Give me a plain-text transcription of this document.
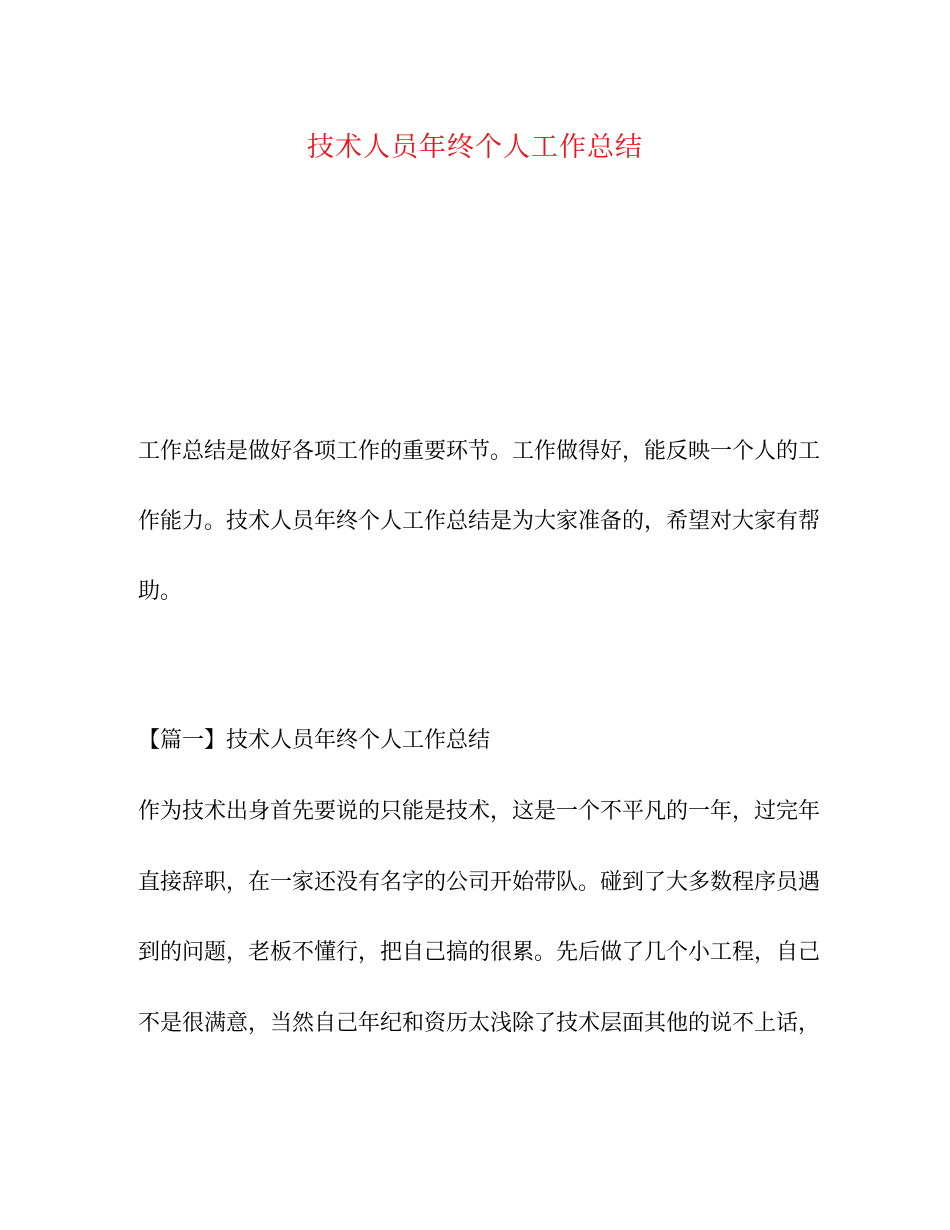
技术人员年终个人工作总结

工作总结是做好各项工作的重要环节。工作做得好，能反映一个人的工

作能力。技术人员年终个人工作总结是为大家准备的，希望对大家有帮

助。

【篇一】技术人员年终个人工作总结

作为技术出身首先要说的只能是技术，这是一个不平凡的一年，过完年

直接辞职，在一家还没有名字的公司开始带队。碰到了大多数程序员遇

到的问题，老板不懂行，把自己搞的很累。先后做了几个小工程，自己

不是很满意，当然自己年纪和资历太浅除了技术层面其他的说不上话，
